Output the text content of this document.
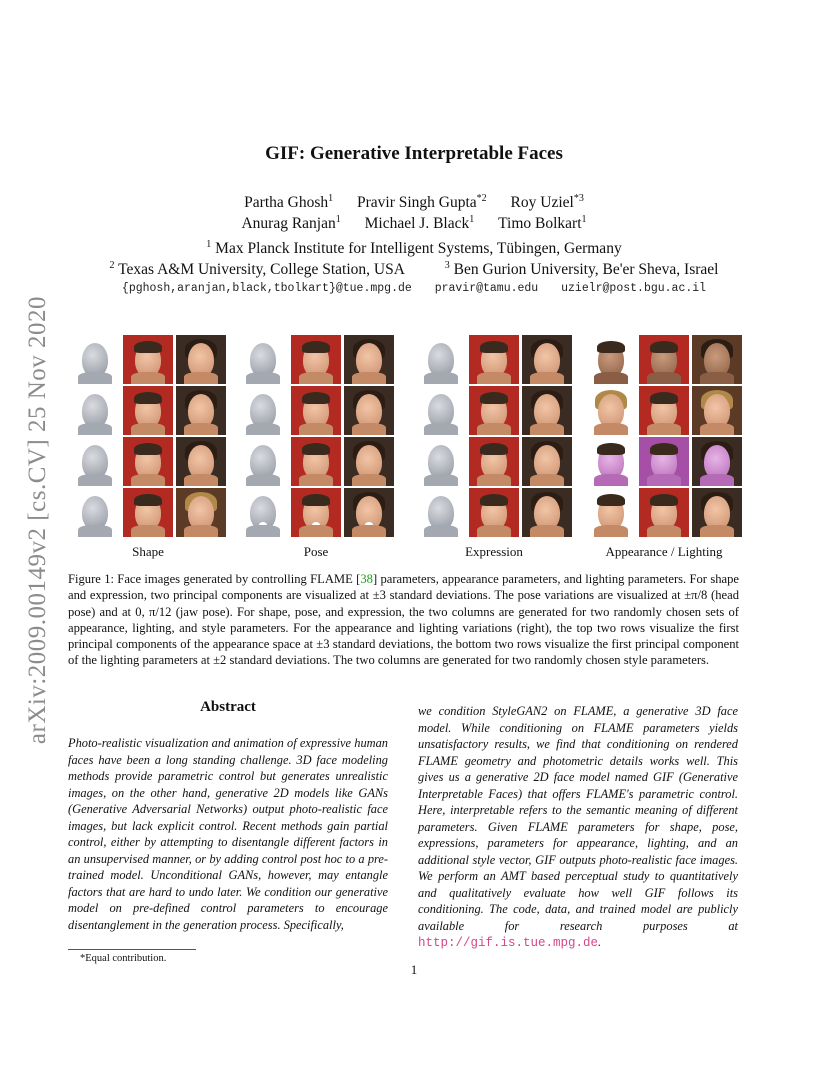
arXiv:2009.00149v2 [cs.CV] 25 Nov 2020
GIF: Generative Interpretable Faces
Partha Ghosh$^1$ Pravir Singh Gupta$^{*2}$ Roy Uziel$^{*3}$
Anurag Ranjan$^1$ Michael J. Black$^1$ Timo Bolkart$^1$
$^1$ Max Planck Institute for Intelligent Systems, Tübingen, Germany
$^2$ Texas A&M University, College Station, USA	$^3$ Ben Gurion University, Be'er Sheva, Israel
{pghosh,aranjan,black,tbolkart}@tue.mpg.de pravir@tamu.edu uzielr@post.bgu.ac.il
Shape	Pose	Expression	Appearance / Lighting
Figure 1: Face images generated by controlling FLAME [38] parameters, appearance parameters, and lighting parameters. For shape and expression, two principal components are visualized at ±3 standard deviations. The pose variations are visualized at ±π/8 (head pose) and at 0, π/12 (jaw pose). For shape, pose, and expression, the two columns are generated for two randomly chosen sets of appearance, lighting, and style parameters. For the appearance and lighting variations (right), the top two rows visualize the first principal components of the appearance space at ±3 standard deviations, the bottom two rows visualize the first principal component of the lighting parameters at ±2 standard deviations. The two columns are generated for two randomly chosen style parameters.
Abstract
Photo-realistic visualization and animation of expressive human faces have been a long standing challenge. 3D face modeling methods provide parametric control but generates unrealistic images, on the other hand, generative 2D models like GANs (Generative Adversarial Networks) output photo-realistic face images, but lack explicit control. Recent methods gain partial control, either by attempting to disentangle different factors in an unsupervised manner, or by adding control post hoc to a pre-trained model. Unconditional GANs, however, may entangle factors that are hard to undo later. We condition our generative model on pre-defined control parameters to encourage disentanglement in the generation process. Specifically,
we condition StyleGAN2 on FLAME, a generative 3D face model. While conditioning on FLAME parameters yields unsatisfactory results, we find that conditioning on rendered FLAME geometry and photometric details works well. This gives us a generative 2D face model named GIF (Generative Interpretable Faces) that offers FLAME's parametric control. Here, interpretable refers to the semantic meaning of different parameters. Given FLAME parameters for shape, pose, expressions, parameters for appearance, lighting, and an additional style vector, GIF outputs photo-realistic face images. We perform an AMT based perceptual study to quantitatively and qualitatively evaluate how well GIF follows its conditioning. The code, data, and trained model are publicly available for research purposes at http://gif.is.tue.mpg.de.
*Equal contribution.
1
